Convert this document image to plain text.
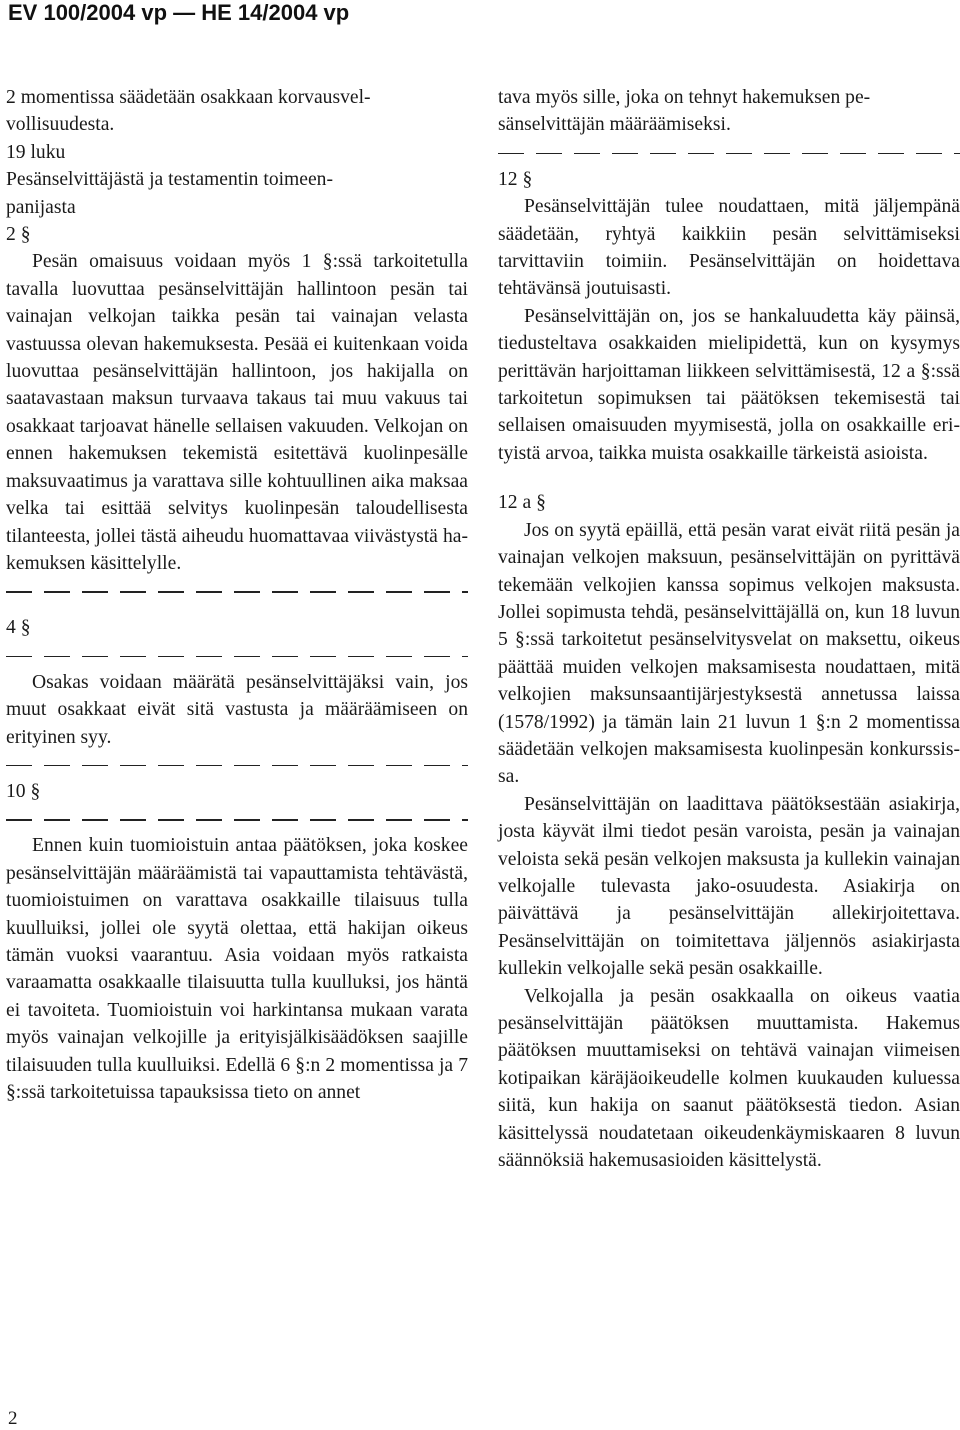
EV 100/2004 vp — HE 14/2004 vp

2 momentissa säädetään osakkaan korvausvel-

vollisuudesta.

19 luku

Pesänselvittäjästä ja testamentin toimeen-

panijasta

2 §

Pesän omaisuus voidaan myös 1 §:ssä tarkoitetulla tavalla luovuttaa pesänselvittäjän hallintoon pesän tai vainajan velkojan taikka pesän tai vainajan velasta vastuussa olevan hakemuksesta. Pesää ei kuitenkaan voida luovuttaa pesänselvittäjän hallintoon, jos hakijalla on saatavastaan maksun turvaava takaus tai muu vakuus tai osakkaat tarjoavat hänelle sellaisen vakuuden. Velkojan on ennen hakemuksen tekemistä esitettävä kuolinpesälle maksuvaatimus ja varattava sille kohtuullinen aika maksaa velka tai esittää selvitys kuolinpesän taloudellisesta tilanteesta, jollei tästä aiheudu huomattavaa viivästystä hakemuksen käsittelylle.

4 §

Osakas voidaan määrätä pesänselvittäjäksi vain, jos muut osakkaat eivät sitä vastusta ja määräämiseen on erityinen syy.

10 §

Ennen kuin tuomioistuin antaa päätöksen, joka koskee pesänselvittäjän määräämistä tai vapauttamista tehtävästä, tuomioistuimen on varattava osakkaille tilaisuus tulla kuulluiksi, jollei ole syytä olettaa, että hakijan oikeus tämän vuoksi vaarantuu. Asia voidaan myös ratkaista varaamatta osakkaalle tilaisuutta tulla kuulluksi, jos häntä ei tavoiteta. Tuomioistuin voi harkintansa mukaan varata myös vainajan velkojille ja erityisjälkisäädöksen saajille tilaisuuden tulla kuulluiksi. Edellä 6 §:n 2 momentissa ja 7 §:ssä tarkoitetuissa tapauksissa tieto on annet

tava myös sille, joka on tehnyt hakemuksen pe-

sänselvittäjän määräämiseksi.

12 §

Pesänselvittäjän tulee noudattaen, mitä jäljempänä säädetään, ryhtyä kaikkiin pesän selvittämiseksi tarvittaviin toimiin. Pesänselvittäjän on hoidettava tehtävänsä joutuisasti.

Pesänselvittäjän on, jos se hankaluudetta käy päinsä, tiedusteltava osakkaiden mielipidettä, kun on kysymys perittävän harjoittaman liikkeen selvittämisestä, 12 a §:ssä tarkoitetun sopimuksen tai päätöksen tekemisestä tai sellaisen omaisuuden myymisestä, jolla on osakkaille erityistä arvoa, taikka muista osakkaille tärkeistä asioista.

12 a §

Jos on syytä epäillä, että pesän varat eivät riitä pesän ja vainajan velkojen maksuun, pesänselvittäjän on pyrittävä tekemään velkojien kanssa sopimus velkojen maksusta. Jollei sopimusta tehdä, pesänselvittäjällä on, kun 18 luvun 5 §:ssä tarkoitetut pesänselvitysvelat on maksettu, oikeus päättää muiden velkojen maksamisesta noudattaen, mitä velkojien maksunsaantijärjestyksestä annetussa laissa (1578/1992) ja tämän lain 21 luvun 1 §:n 2 momentissa säädetään velkojen maksamisesta kuolinpesän konkurssissa.

Pesänselvittäjän on laadittava päätöksestään asiakirja, josta käyvät ilmi tiedot pesän varoista, pesän ja vainajan veloista sekä pesän velkojen maksusta ja kullekin vainajan velkojalle tulevasta jako-osuudesta. Asiakirja on päivättävä ja pesänselvittäjän allekirjoitettava. Pesänselvittäjän on toimitettava jäljennös asiakirjasta kullekin velkojalle sekä pesän osakkaille.

Velkojalla ja pesän osakkaalla on oikeus vaatia pesänselvittäjän päätöksen muuttamista. Hakemus päätöksen muuttamiseksi on tehtävä vainajan viimeisen kotipaikan käräjäoikeudelle kolmen kuukauden kuluessa siitä, kun hakija on saanut päätöksestä tiedon. Asian käsittelyssä noudatetaan oikeudenkäymiskaaren 8 luvun säännöksiä hakemusasioiden käsittelystä.

2
